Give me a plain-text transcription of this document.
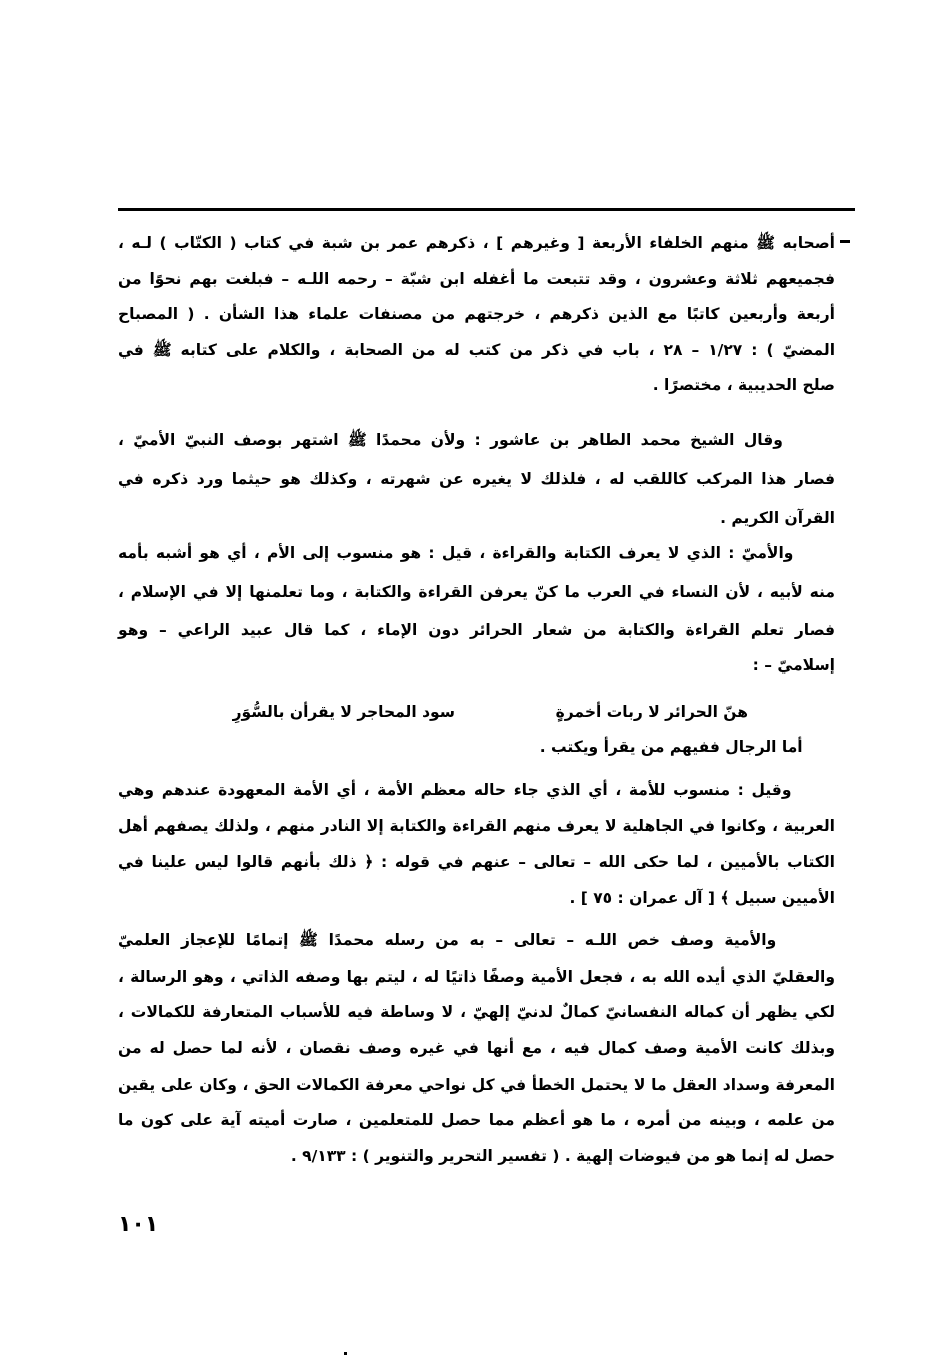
أصحابه ﷺ منهم الخلفاء الأربعة [ وغيرهم ] ، ذكرهم عمر بن شبة في كتاب ( الكتّاب ) لـه ،
فجميعهم ثلاثة وعشرون ، وقد تتبعت ما أغفله ابن شبّة – رحمه اللـه – فبلغت بهم نحوًا من
أربعة وأربعين كاتبًا مع الذين ذكرهم ، خرجتهم من مصنفات علماء هذا الشأن . ( المصباح
المضيّ ) : ١/٢٧ – ٢٨ ، باب في ذكر من كتب له من الصحابة ، والكلام على كتابه ﷺ في
صلح الحديبية ، مختصرًا .
وقال الشيخ محمد الطاهر بن عاشور : ولأن محمدًا ﷺ اشتهر بوصف النبيّ الأميّ ،
فصار هذا المركب كاللقب له ، فلذلك لا يغيره عن شهرته ، وكذلك هو حيثما ورد ذكره في
القرآن الكريم .
والأميّ : الذي لا يعرف الكتابة والقراءة ، قيل : هو منسوب إلى الأم ، أي هو أشبه بأمه
منه لأبيه ، لأن النساء في العرب ما كنّ يعرفن القراءة والكتابة ، وما تعلمنها إلا في الإسلام ،
فصار تعلم القراءة والكتابة من شعار الحرائر دون الإماء ، كما قال عبيد الراعي – وهو
إسلاميّ – :
أما الرجال ففيهم من يقرأ ويكتب .
وقيل : منسوب للأمة ، أي الذي جاء حاله معظم الأمة ، أي الأمة المعهودة عندهم وهي
العربية ، وكانوا في الجاهلية لا يعرف منهم القراءة والكتابة إلا النادر منهم ، ولذلك يصفهم أهل
الكتاب بالأميين ، لما حكى الله – تعالى – عنهم في قوله : ﴿ ذلك بأنهم قالوا ليس علينا في
الأميين سبيل ﴾ [ آل عمران : ٧٥ ] .
والأمية وصف خص اللـه – تعالى – به من رسله محمدًا ﷺ إتمامًا للإعجاز العلميّ
والعقليّ الذي أيده الله به ، فجعل الأمية وصفًا ذاتيًا له ، ليتم بها وصفه الذاتي ، وهو الرسالة ،
لكي يظهر أن كماله النفسانيّ كمالٌ لدنيّ إلهيّ ، لا وساطة فيه للأسباب المتعارفة للكمالات ،
وبذلك كانت الأمية وصف كمال فيه ، مع أنها في غيره وصف نقصان ، لأنه لما حصل له من
المعرفة وسداد العقل ما لا يحتمل الخطأ في كل نواحي معرفة الكمالات الحق ، وكان على يقين
من علمه ، وبينه من أمره ، ما هو أعظم مما حصل للمتعلمين ، صارت أميته آية على كون ما
حصل له إنما هو من فيوضات إلهية . ( تفسير التحرير والتنوير ) : ٩/١٣٣ .
هنّ الحرائر لا ربات أخمرةٍ
سود المحاجر لا يقرأن بالسُّوَرِ
١٠١
